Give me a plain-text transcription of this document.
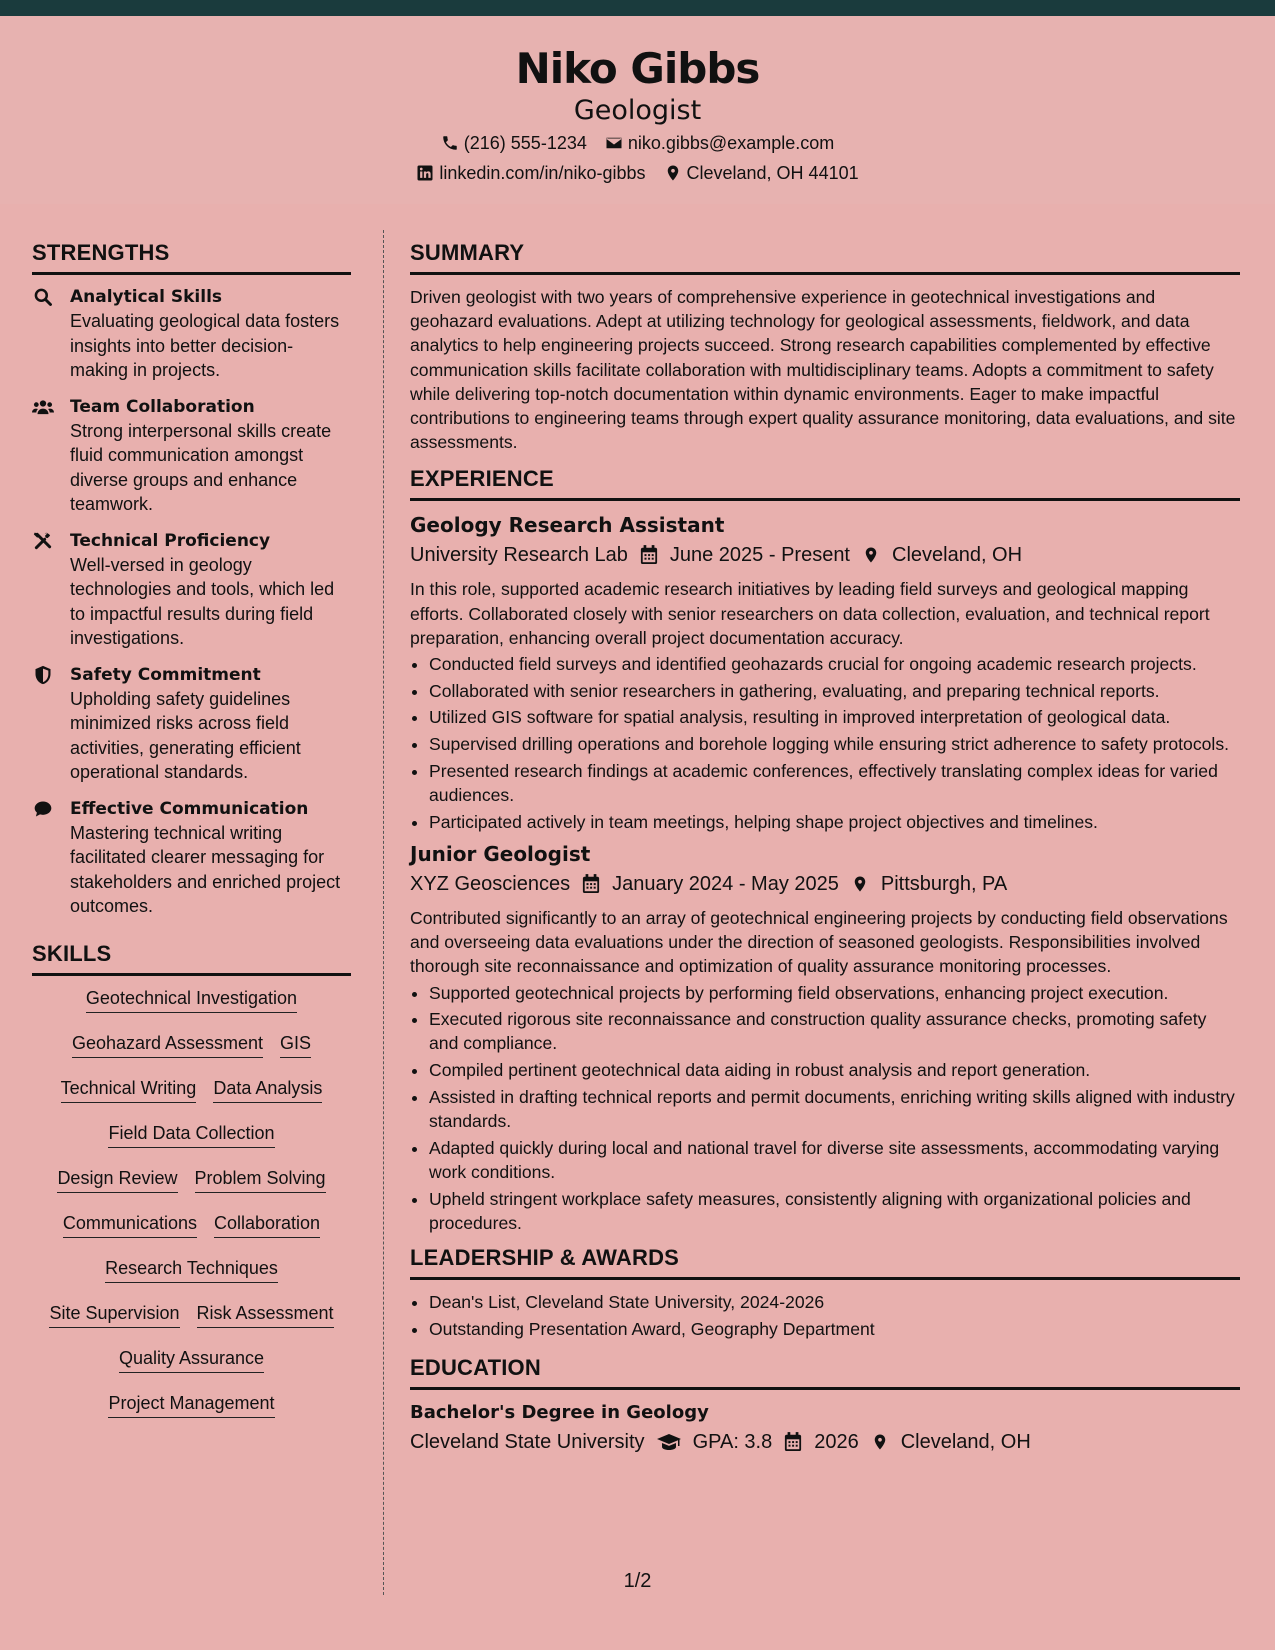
Niko Gibbs
Geologist
(216) 555-1234 niko.gibbs@example.com
linkedin.com/in/niko-gibbs Cleveland, OH 44101
STRENGTHS
Analytical Skills
Evaluating geological data fosters insights into better decision-making in projects.
Team Collaboration
Strong interpersonal skills create fluid communication amongst diverse groups and enhance teamwork.
Technical Proficiency
Well-versed in geology technologies and tools, which led to impactful results during field investigations.
Safety Commitment
Upholding safety guidelines minimized risks across field activities, generating efficient operational standards.
Effective Communication
Mastering technical writing facilitated clearer messaging for stakeholders and enriched project outcomes.
SKILLS
Geotechnical Investigation
Geohazard Assessment GIS
Technical Writing Data Analysis
Field Data Collection
Design Review Problem Solving
Communications Collaboration
Research Techniques
Site Supervision Risk Assessment
Quality Assurance
Project Management
SUMMARY
Driven geologist with two years of comprehensive experience in geotechnical investigations and geohazard evaluations. Adept at utilizing technology for geological assessments, fieldwork, and data analytics to help engineering projects succeed. Strong research capabilities complemented by effective communication skills facilitate collaboration with multidisciplinary teams. Adopts a commitment to safety while delivering top-notch documentation within dynamic environments. Eager to make impactful contributions to engineering teams through expert quality assurance monitoring, data evaluations, and site assessments.
EXPERIENCE
Geology Research Assistant
University Research Lab June 2025 - Present Cleveland, OH
In this role, supported academic research initiatives by leading field surveys and geological mapping efforts. Collaborated closely with senior researchers on data collection, evaluation, and technical report preparation, enhancing overall project documentation accuracy.
• Conducted field surveys and identified geohazards crucial for ongoing academic research projects.
• Collaborated with senior researchers in gathering, evaluating, and preparing technical reports.
• Utilized GIS software for spatial analysis, resulting in improved interpretation of geological data.
• Supervised drilling operations and borehole logging while ensuring strict adherence to safety protocols.
• Presented research findings at academic conferences, effectively translating complex ideas for varied audiences.
• Participated actively in team meetings, helping shape project objectives and timelines.
Junior Geologist
XYZ Geosciences January 2024 - May 2025 Pittsburgh, PA
Contributed significantly to an array of geotechnical engineering projects by conducting field observations and overseeing data evaluations under the direction of seasoned geologists. Responsibilities involved thorough site reconnaissance and optimization of quality assurance monitoring processes.
• Supported geotechnical projects by performing field observations, enhancing project execution.
• Executed rigorous site reconnaissance and construction quality assurance checks, promoting safety and compliance.
• Compiled pertinent geotechnical data aiding in robust analysis and report generation.
• Assisted in drafting technical reports and permit documents, enriching writing skills aligned with industry standards.
• Adapted quickly during local and national travel for diverse site assessments, accommodating varying work conditions.
• Upheld stringent workplace safety measures, consistently aligning with organizational policies and procedures.
LEADERSHIP & AWARDS
• Dean's List, Cleveland State University, 2024-2026
• Outstanding Presentation Award, Geography Department
EDUCATION
Bachelor's Degree in Geology
Cleveland State University GPA: 3.8 2026 Cleveland, OH
1/2
